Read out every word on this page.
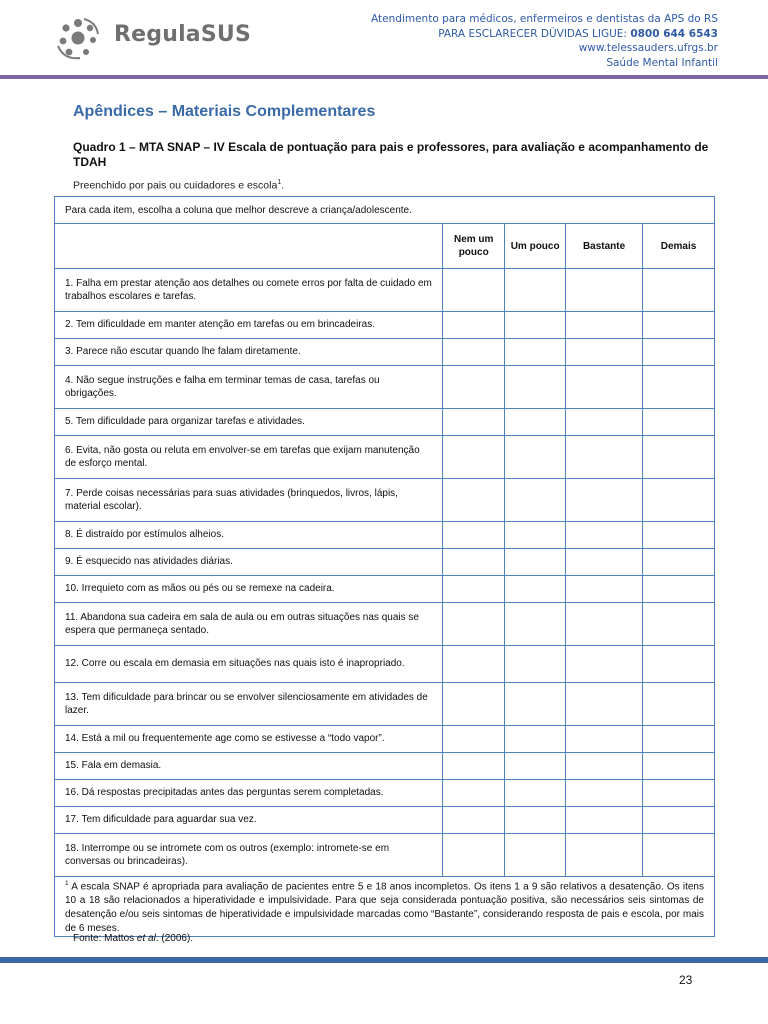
RegulaSUS
Atendimento para médicos, enfermeiros e dentistas da APS do RS
PARA ESCLARECER DÚVIDAS LIGUE: 0800 644 6543
www.telessauders.ufrgs.br
Saúde Mental Infantil
Apêndices – Materiais Complementares
Quadro 1 – MTA SNAP – IV Escala de pontuação para pais e professores, para avaliação e acompanhamento de TDAH
Preenchido por pais ou cuidadores e escola$^1$.
Para cada item, escolha a coluna que melhor descreve a criança/adolescente.				
	Nem um pouco	Um pouco	Bastante	Demais
1. Falha em prestar atenção aos detalhes ou comete erros por falta de cuidado em trabalhos escolares e tarefas.				
2. Tem dificuldade em manter atenção em tarefas ou em brincadeiras.				
3. Parece não escutar quando lhe falam diretamente.				
4. Não segue instruções e falha em terminar temas de casa, tarefas ou obrigações.				
5. Tem dificuldade para organizar tarefas e atividades.				
6. Evita, não gosta ou reluta em envolver-se em tarefas que exijam manutenção de esforço mental.				
7. Perde coisas necessárias para suas atividades (brinquedos, livros, lápis, material escolar).				
8. É distraído por estímulos alheios.				
9. É esquecido nas atividades diárias.				
10. Irrequieto com as mãos ou pés ou se remexe na cadeira.				
11. Abandona sua cadeira em sala de aula ou em outras situações nas quais se espera que permaneça sentado.				
12. Corre ou escala em demasia em situações nas quais isto é inapropriado.				
13. Tem dificuldade para brincar ou se envolver silenciosamente em atividades de lazer.				
14. Está a mil ou frequentemente age como se estivesse a “todo vapor”.				
15. Fala em demasia.				
16. Dá respostas precipitadas antes das perguntas serem completadas.				
17. Tem dificuldade para aguardar sua vez.				
18. Interrompe ou se intromete com os outros (exemplo: intromete-se em conversas ou brincadeiras).				
$^1$ A escala SNAP é apropriada para avaliação de pacientes entre 5 e 18 anos incompletos. Os itens 1 a 9 são relativos a desatenção. Os itens 10 a 18 são relacionados a hiperatividade e impulsividade. Para que seja considerada pontuação positiva, são necessários seis sintomas de desatenção e/ou seis sintomas de hiperatividade e impulsividade marcadas como “Bastante”, considerando resposta de pais e escola, por mais de 6 meses.				
Fonte: Mattos et al. (2006).
23
